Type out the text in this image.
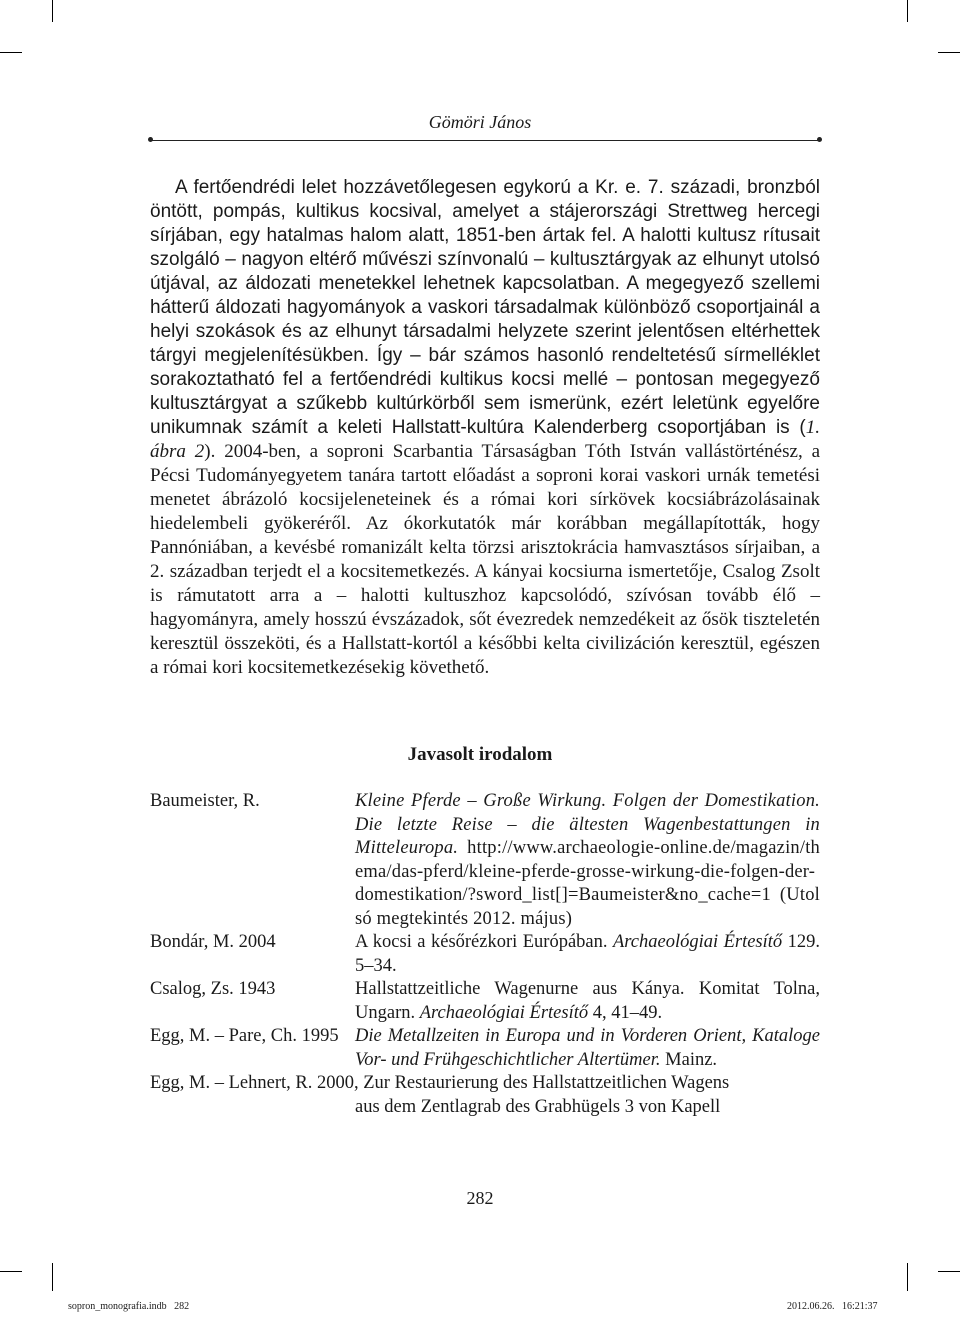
Gömöri János

A fertőendrédi lelet hozzávetőlegesen egykorú a Kr. e. 7. századi, bronzból öntött, pompás, kultikus kocsival, amelyet a stájerországi Strettweg hercegi sírjában, egy hatalmas halom alatt, 1851-ben ártak fel. A halotti kultusz rítusait szolgáló – nagyon eltérő művészi színvonalú – kultusztárgyak az elhunyt utolsó útjával, az áldozati menetekkel lehetnek kapcsolatban. A megegyező szellemi hátterű áldozati hagyományok a vaskori társadalmak különböző csoportjainál a helyi szokások és az elhunyt társadalmi helyzete szerint jelentősen eltérhettek tárgyi megjelenítésükben. Így – bár számos hasonló rendeltetésű sírmelléklet sorakoztatható fel a fertőendrédi kultikus kocsi mellé – pontosan megegyező kultusztárgyat a szűkebb kultúrkörből sem ismerünk, ezért leletünk egyelőre unikumnak számít a keleti Hallstatt-kultúra Kalenderberg csoportjában is (1. ábra 2). 2004-ben, a soproni Scarbantia Társaságban Tóth István vallástörténész, a Pécsi Tudományegyetem tanára tartott előadást a soproni korai vaskori urnák temetési menetet ábrázoló kocsijeleneteinek és a római kori sírkövek kocsiábrázolásainak hiedelembeli gyökeréről. Az ókorkutatók már korábban megállapították, hogy Pannóniában, a kevésbé romanizált kelta törzsi arisztokrácia hamvasztásos sírjaiban, a 2. században terjedt el a kocsitemetkezés. A kányai kocsiurna ismertetője, Csalog Zsolt is rámutatott arra a – halotti kultuszhoz kapcsolódó, szívósan tovább élő – hagyományra, amely hosszú évszázadok, sőt évezredek nemzedékeit az ősök tiszteletén keresztül összeköti, és a Hallstatt-kortól a későbbi kelta civilizáción keresztül, egészen a római kori kocsitemetkezésekig követhető.

Javasolt irodalom
Baumeister, R.	Kleine Pferde – Große Wirkung. Folgen der Domestikation. Die letzte Reise – die ältesten Wagenbestattungen in Mitteleuropa. http://www.archaeologie-online.de/magazin/thema/das-pferd/kleine-pferde-grosse-wirkung-die-folgen-der-domestikation/?sword_list[]=Baumeister&no_cache=1 (Utolsó megtekintés 2012. május)
Bondár, M. 2004	A kocsi a későrézkori Európában. Archaeológiai Értesítő 129. 5–34.
Csalog, Zs. 1943	Hallstattzeitliche Wagenurne aus Kánya. Komitat Tolna, Ungarn. Archaeológiai Értesítő 4, 41–49.
Egg, M. – Pare, Ch. 1995 Die Metallzeiten in Europa und in Vorderen Orient, Kataloge Vor- und Frühgeschichtlicher Altertümer. Mainz.
Egg, M. – Lehnert, R. 2000, Zur Restaurierung des Hallstattzeitlichen Wagens
aus dem Zentlagrab des Grabhügels 3 von Kapell
282
sopron_monografia.indb   282	2012.06.26.   16:21:37
